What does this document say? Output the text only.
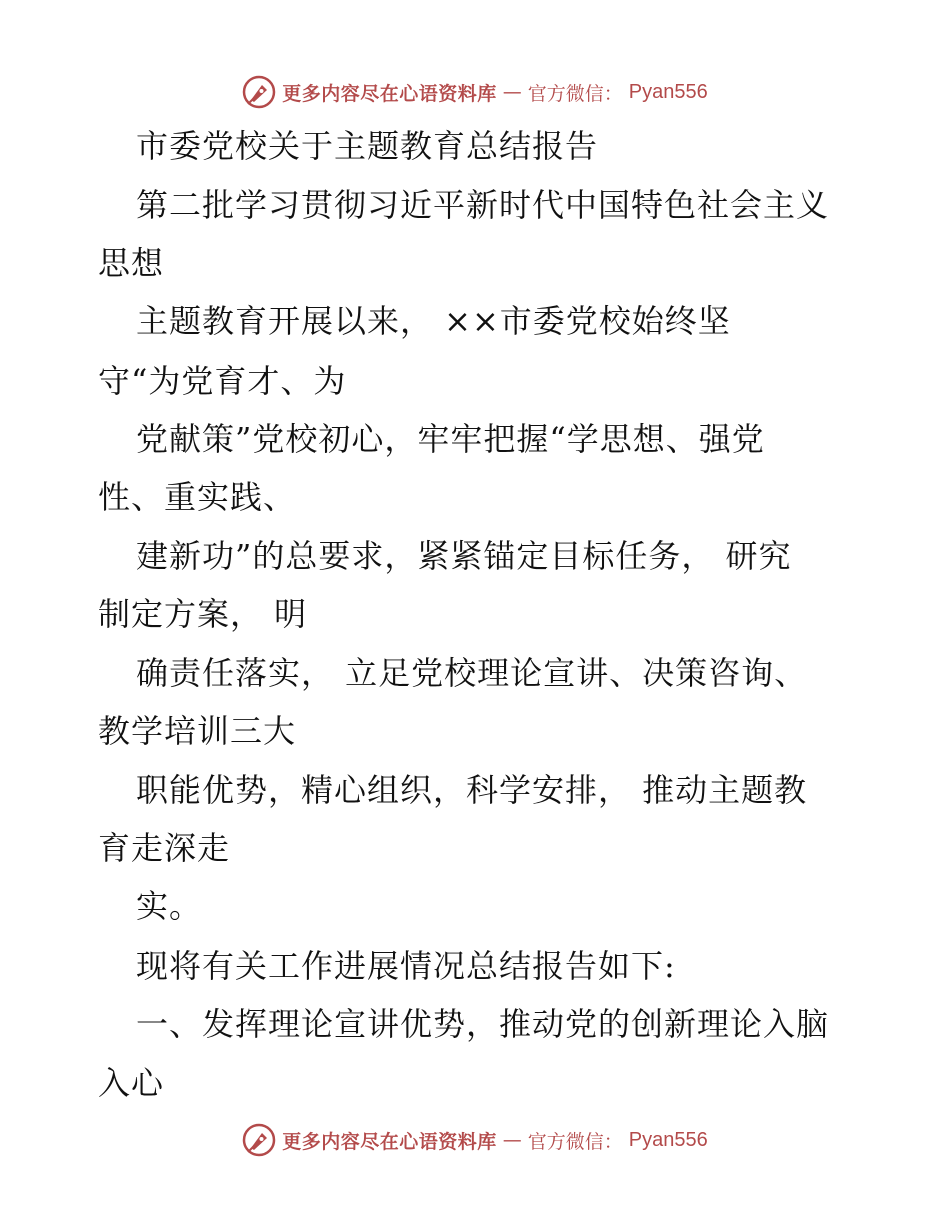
更多内容尽在心语资料库 — 官方微信： Pyan556
市委党校关于主题教育总结报告
第二批学习贯彻习近平新时代中国特色社会主义
思想
主题教育开展以来， ××市委党校始终坚
守“为党育才、为
党献策”党校初心，牢牢把握“学思想、强党
性、重实践、
建新功”的总要求，紧紧锚定目标任务， 研究
制定方案， 明
确责任落实， 立足党校理论宣讲、决策咨询、
教学培训三大
职能优势，精心组织，科学安排， 推动主题教
育走深走
实。
现将有关工作进展情况总结报告如下:
一、发挥理论宣讲优势，推动党的创新理论入脑
入心
更多内容尽在心语资料库 — 官方微信： Pyan556
